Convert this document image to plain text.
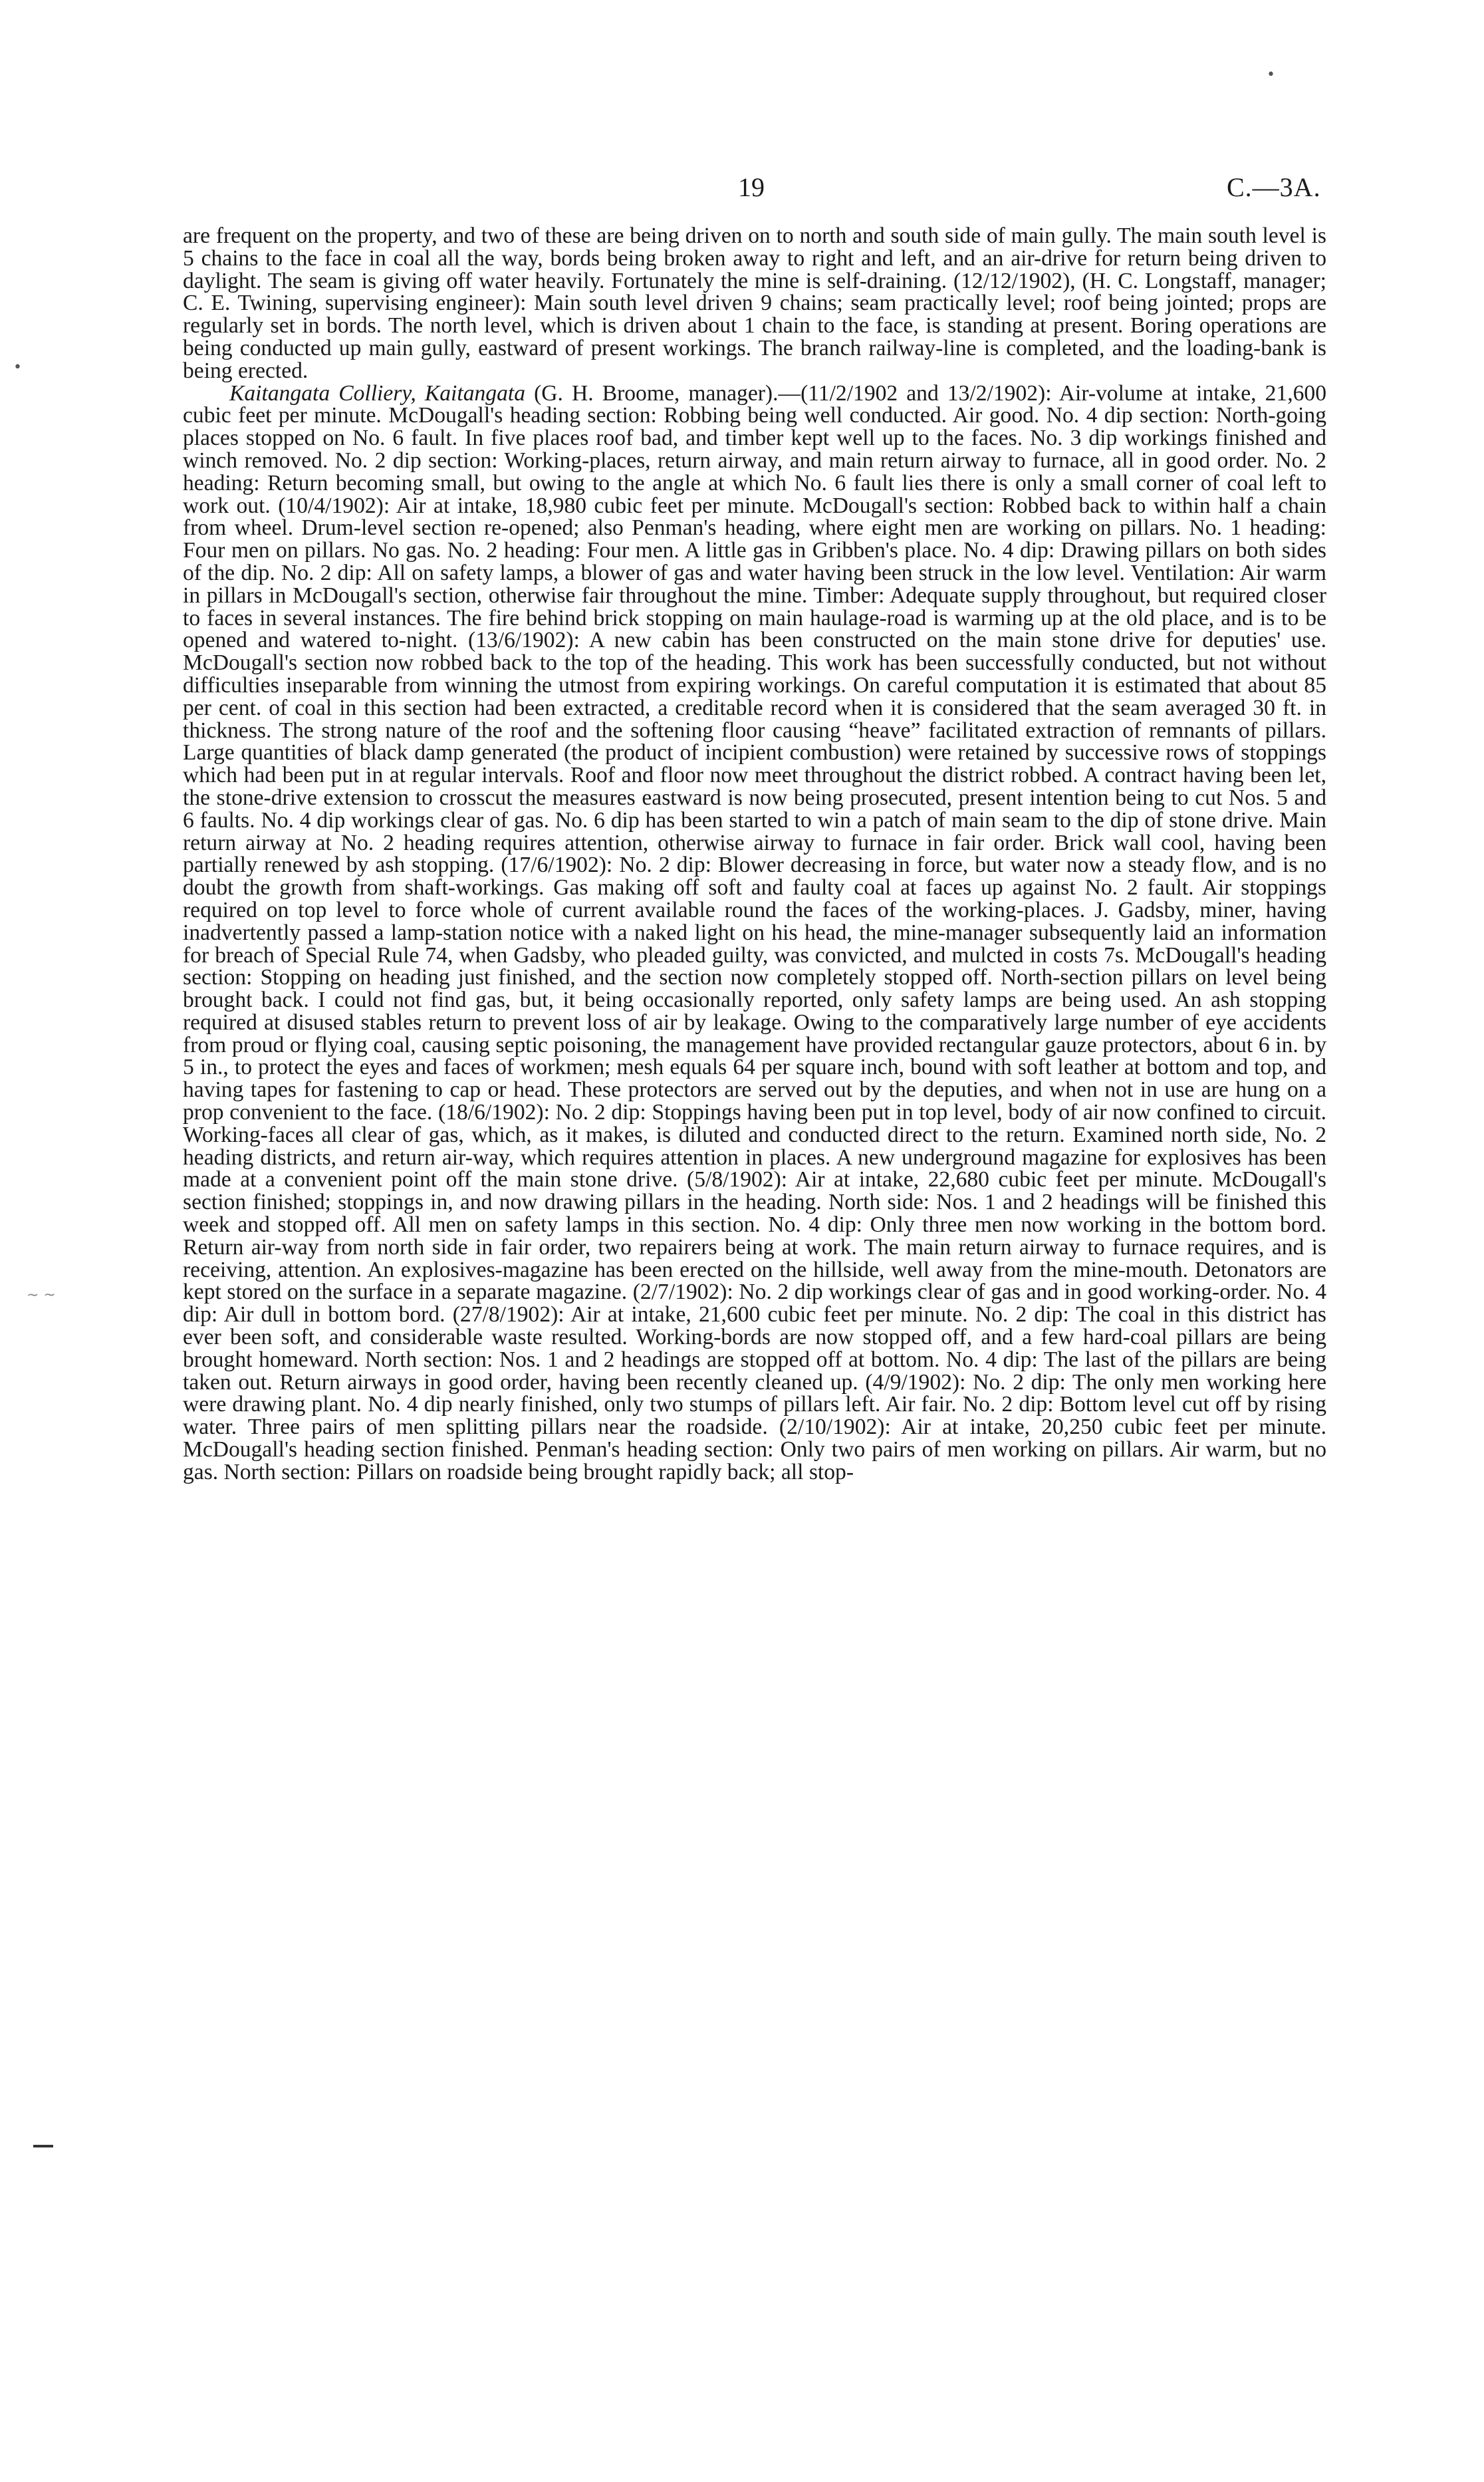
•
•
∼ ~
19	C.—3A.

are frequent on the property, and two of these are being driven on to north and south side of main gully. The main south level is 5 chains to the face in coal all the way, bords being broken away to right and left, and an air-drive for return being driven to daylight. The seam is giving off water heavily. Fortunately the mine is self-draining. (12/12/1902), (H. C. Longstaff, manager; C. E. Twining, supervising engineer): Main south level driven 9 chains; seam practically level; roof being jointed; props are regularly set in bords. The north level, which is driven about 1 chain to the face, is standing at present. Boring operations are being conducted up main gully, eastward of present workings. The branch railway-line is completed, and the loading-bank is being erected.

Kaitangata Colliery, Kaitangata (G. H. Broome, manager).—(11/2/1902 and 13/2/1902): Air-volume at intake, 21,600 cubic feet per minute. McDougall's heading section: Robbing being well conducted. Air good. No. 4 dip section: North-going places stopped on No. 6 fault. In five places roof bad, and timber kept well up to the faces. No. 3 dip workings finished and winch removed. No. 2 dip section: Working-places, return airway, and main return airway to furnace, all in good order. No. 2 heading: Return becoming small, but owing to the angle at which No. 6 fault lies there is only a small corner of coal left to work out. (10/4/1902): Air at intake, 18,980 cubic feet per minute. McDougall's section: Robbed back to within half a chain from wheel. Drum-level section re-opened; also Penman's heading, where eight men are working on pillars. No. 1 heading: Four men on pillars. No gas. No. 2 heading: Four men. A little gas in Gribben's place. No. 4 dip: Drawing pillars on both sides of the dip. No. 2 dip: All on safety lamps, a blower of gas and water having been struck in the low level. Ventilation: Air warm in pillars in McDougall's section, otherwise fair throughout the mine. Timber: Adequate supply throughout, but required closer to faces in several instances. The fire behind brick stopping on main haulage-road is warming up at the old place, and is to be opened and watered to-night. (13/6/1902): A new cabin has been constructed on the main stone drive for deputies' use. McDougall's section now robbed back to the top of the heading. This work has been successfully conducted, but not without difficulties inseparable from winning the utmost from expiring workings. On careful computation it is estimated that about 85 per cent. of coal in this section had been extracted, a creditable record when it is considered that the seam averaged 30 ft. in thickness. The strong nature of the roof and the softening floor causing “heave” facilitated extraction of remnants of pillars. Large quantities of black damp generated (the product of incipient combustion) were retained by successive rows of stoppings which had been put in at regular intervals. Roof and floor now meet throughout the district robbed. A contract having been let, the stone-drive extension to crosscut the measures eastward is now being prosecuted, present intention being to cut Nos. 5 and 6 faults. No. 4 dip workings clear of gas. No. 6 dip has been started to win a patch of main seam to the dip of stone drive. Main return airway at No. 2 heading requires attention, otherwise airway to furnace in fair order. Brick wall cool, having been partially renewed by ash stopping. (17/6/1902): No. 2 dip: Blower decreasing in force, but water now a steady flow, and is no doubt the growth from shaft-workings. Gas making off soft and faulty coal at faces up against No. 2 fault. Air stoppings required on top level to force whole of current available round the faces of the working-places. J. Gadsby, miner, having inadvertently passed a lamp-station notice with a naked light on his head, the mine-manager subsequently laid an information for breach of Special Rule 74, when Gadsby, who pleaded guilty, was convicted, and mulcted in costs 7s. McDougall's heading section: Stopping on heading just finished, and the section now completely stopped off. North-section pillars on level being brought back. I could not find gas, but, it being occasionally reported, only safety lamps are being used. An ash stopping required at disused stables return to prevent loss of air by leakage. Owing to the comparatively large number of eye accidents from proud or flying coal, causing septic poisoning, the management have provided rectangular gauze protectors, about 6 in. by 5 in., to protect the eyes and faces of workmen; mesh equals 64 per square inch, bound with soft leather at bottom and top, and having tapes for fastening to cap or head. These protectors are served out by the deputies, and when not in use are hung on a prop convenient to the face. (18/6/1902): No. 2 dip: Stoppings having been put in top level, body of air now confined to circuit. Working-faces all clear of gas, which, as it makes, is diluted and conducted direct to the return. Examined north side, No. 2 heading districts, and return air-way, which requires attention in places. A new underground magazine for explosives has been made at a convenient point off the main stone drive. (5/8/1902): Air at intake, 22,680 cubic feet per minute. McDougall's section finished; stoppings in, and now drawing pillars in the heading. North side: Nos. 1 and 2 headings will be finished this week and stopped off. All men on safety lamps in this section. No. 4 dip: Only three men now working in the bottom bord. Return air-way from north side in fair order, two repairers being at work. The main return airway to furnace requires, and is receiving, attention. An explosives-magazine has been erected on the hillside, well away from the mine-mouth. Detonators are kept stored on the surface in a separate magazine. (2/7/1902): No. 2 dip workings clear of gas and in good working-order. No. 4 dip: Air dull in bottom bord. (27/8/1902): Air at intake, 21,600 cubic feet per minute. No. 2 dip: The coal in this district has ever been soft, and considerable waste resulted. Working-bords are now stopped off, and a few hard-coal pillars are being brought homeward. North section: Nos. 1 and 2 headings are stopped off at bottom. No. 4 dip: The last of the pillars are being taken out. Return airways in good order, having been recently cleaned up. (4/9/1902): No. 2 dip: The only men working here were drawing plant. No. 4 dip nearly finished, only two stumps of pillars left. Air fair. No. 2 dip: Bottom level cut off by rising water. Three pairs of men splitting pillars near the roadside. (2/10/1902): Air at intake, 20,250 cubic feet per minute. McDougall's heading section finished. Penman's heading section: Only two pairs of men working on pillars. Air warm, but no gas. North section: Pillars on roadside being brought rapidly back; all stop-
